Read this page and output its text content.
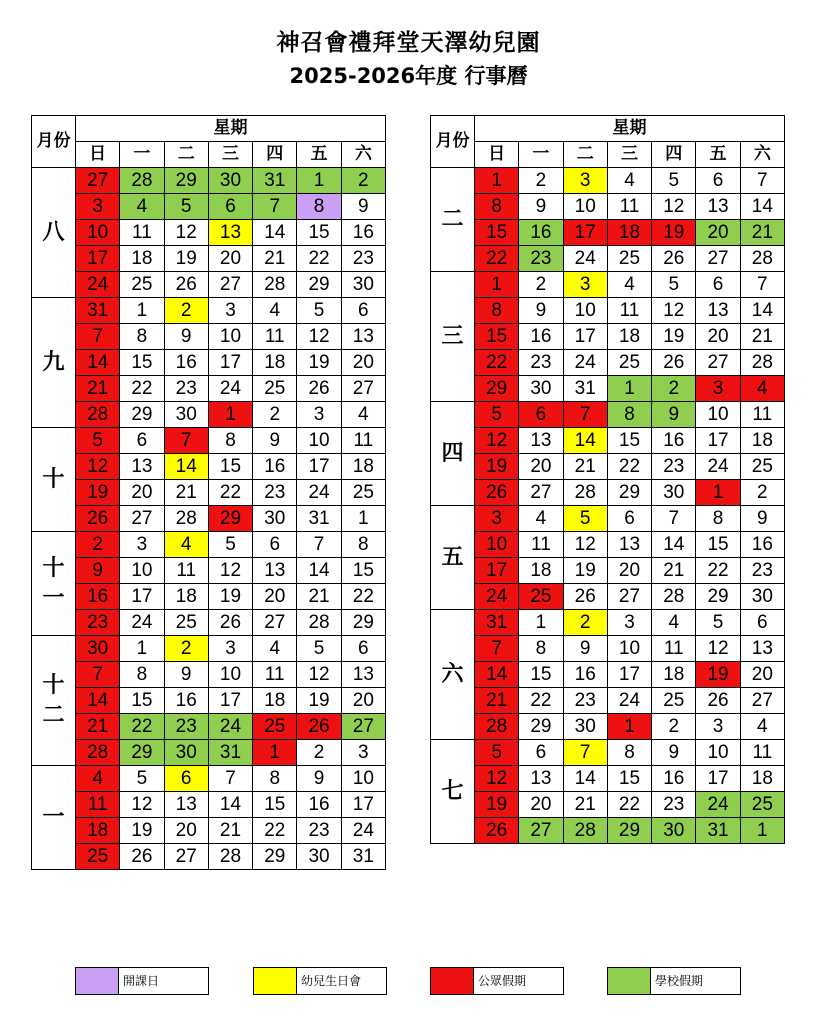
神召會禮拜堂天澤幼兒園
2025-2026年度 行事曆
月份	星期						
	日	一	二	三	四	五	六
八	27	28	29	30	31	1	2
	3	4	5	6	7	8	9
	10	11	12	13	14	15	16
	17	18	19	20	21	22	23
	24	25	26	27	28	29	30
九	31	1	2	3	4	5	6
	7	8	9	10	11	12	13
	14	15	16	17	18	19	20
	21	22	23	24	25	26	27
	28	29	30	1	2	3	4
十	5	6	7	8	9	10	11
	12	13	14	15	16	17	18
	19	20	21	22	23	24	25
	26	27	28	29	30	31	1
十一	2	3	4	5	6	7	8
	9	10	11	12	13	14	15
	16	17	18	19	20	21	22
	23	24	25	26	27	28	29
十二	30	1	2	3	4	5	6
	7	8	9	10	11	12	13
	14	15	16	17	18	19	20
	21	22	23	24	25	26	27
	28	29	30	31	1	2	3
一	4	5	6	7	8	9	10
	11	12	13	14	15	16	17
	18	19	20	21	22	23	24
	25	26	27	28	29	30	31
月份	星期						
	日	一	二	三	四	五	六
二	1	2	3	4	5	6	7
	8	9	10	11	12	13	14
	15	16	17	18	19	20	21
	22	23	24	25	26	27	28
三	1	2	3	4	5	6	7
	8	9	10	11	12	13	14
	15	16	17	18	19	20	21
	22	23	24	25	26	27	28
	29	30	31	1	2	3	4
四	5	6	7	8	9	10	11
	12	13	14	15	16	17	18
	19	20	21	22	23	24	25
	26	27	28	29	30	1	2
五	3	4	5	6	7	8	9
	10	11	12	13	14	15	16
	17	18	19	20	21	22	23
	24	25	26	27	28	29	30
六	31	1	2	3	4	5	6
	7	8	9	10	11	12	13
	14	15	16	17	18	19	20
	21	22	23	24	25	26	27
	28	29	30	1	2	3	4
七	5	6	7	8	9	10	11
	12	13	14	15	16	17	18
	19	20	21	22	23	24	25
	26	27	28	29	30	31	1
開課日	幼兒生日會	公眾假期	學校假期
